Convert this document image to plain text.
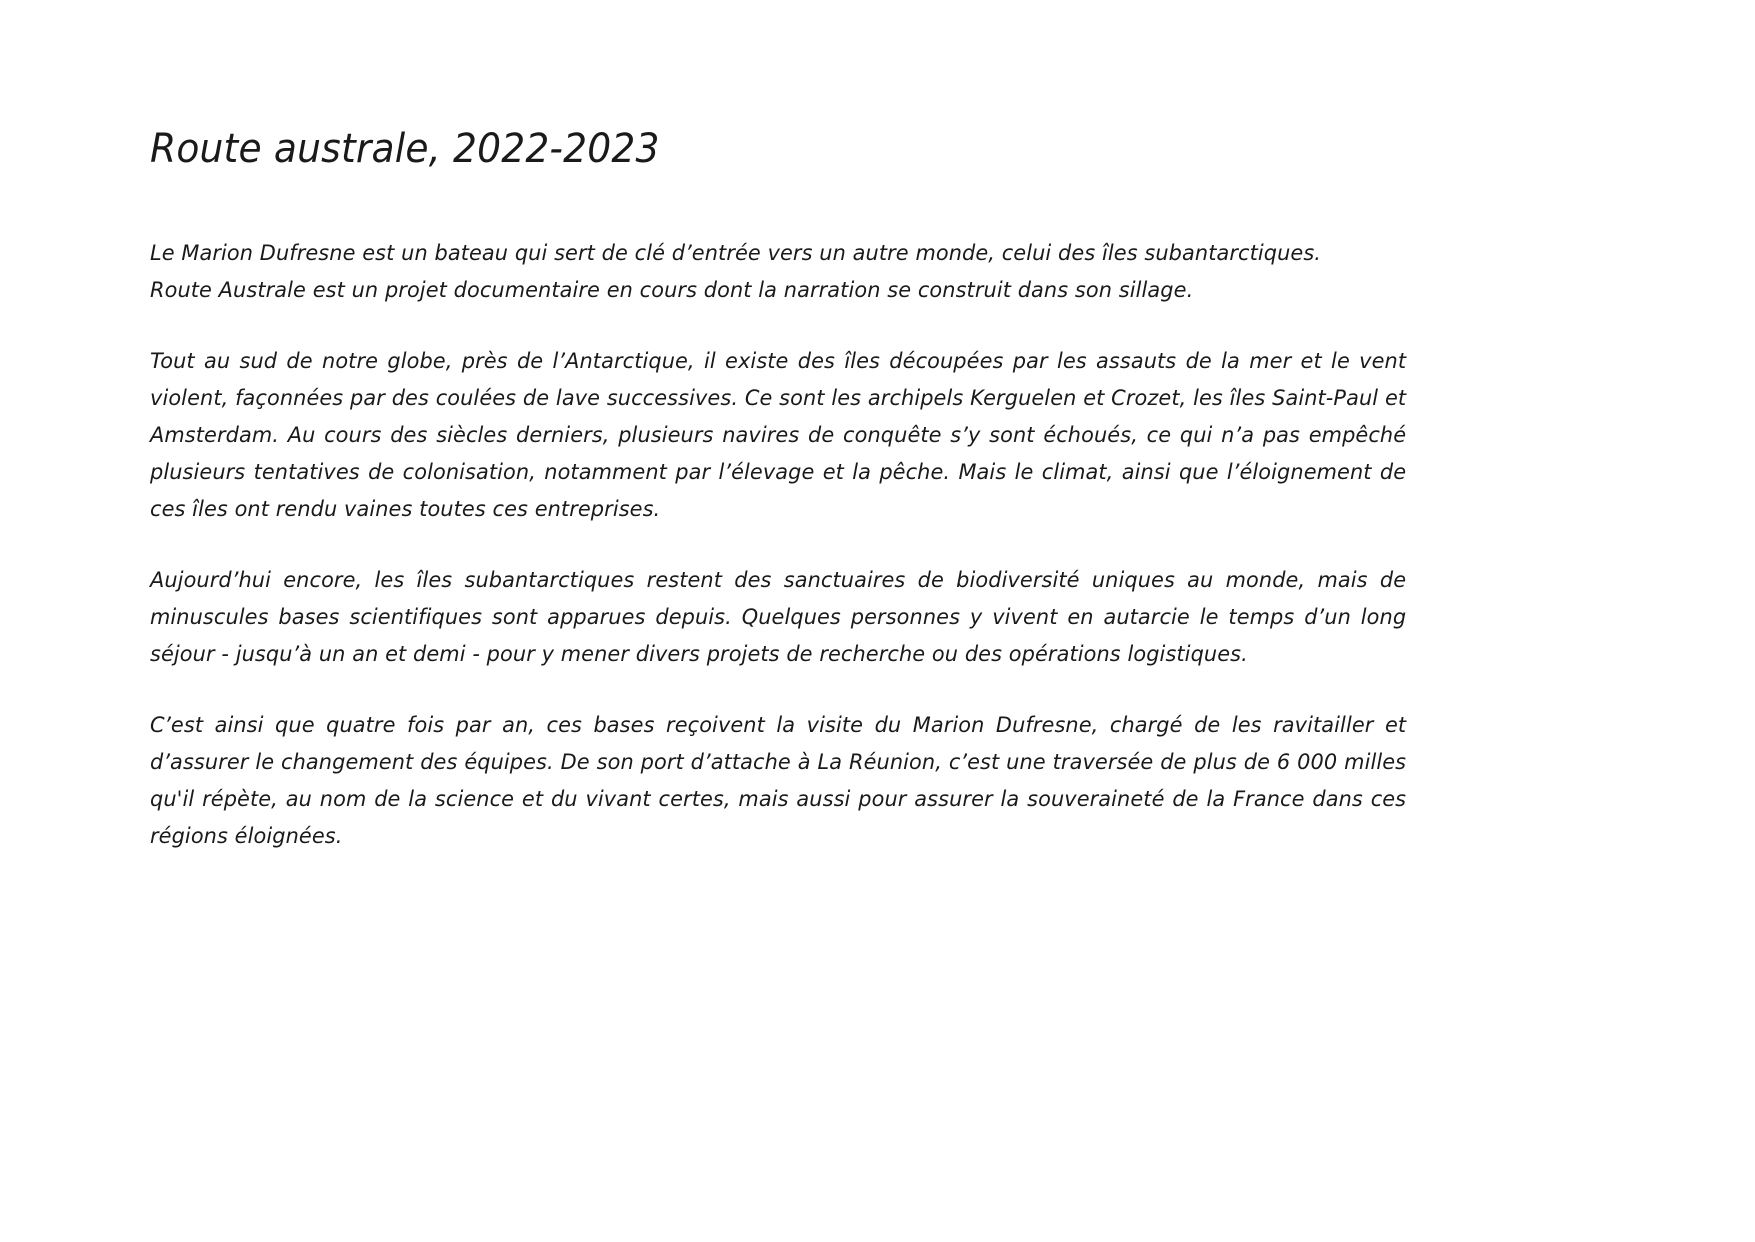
Route australe, 2022-2023

Le Marion Dufresne est un bateau qui sert de clé d’entrée vers un autre monde, celui des îles subantarctiques.
Route Australe est un projet documentaire en cours dont la narration se construit dans son sillage.

Tout au sud de notre globe, près de l’Antarctique, il existe des îles découpées par les assauts de la mer et le vent violent, façonnées par des coulées de lave successives. Ce sont les archipels Kerguelen et Crozet, les îles Saint-Paul et Amsterdam. Au cours des siècles derniers, plusieurs navires de conquête s’y sont échoués, ce qui n’a pas empêché plusieurs tentatives de colonisation, notamment par l’élevage et la pêche. Mais le climat, ainsi que l’éloignement de ces îles ont rendu vaines toutes ces entreprises.

Aujourd’hui encore, les îles subantarctiques restent des sanctuaires de biodiversité uniques au monde, mais de minuscules bases scientifiques sont apparues depuis. Quelques personnes y vivent en autarcie le temps d’un long séjour - jusqu’à un an et demi - pour y mener divers projets de recherche ou des opérations logistiques.

C’est ainsi que quatre fois par an, ces bases reçoivent la visite du Marion Dufresne, chargé de les ravitailler et d’assurer le changement des équipes. De son port d’attache à La Réunion, c’est une traversée de plus de 6 000 milles qu'il répète, au nom de la science et du vivant certes, mais aussi pour assurer la souveraineté de la France dans ces régions éloignées.
